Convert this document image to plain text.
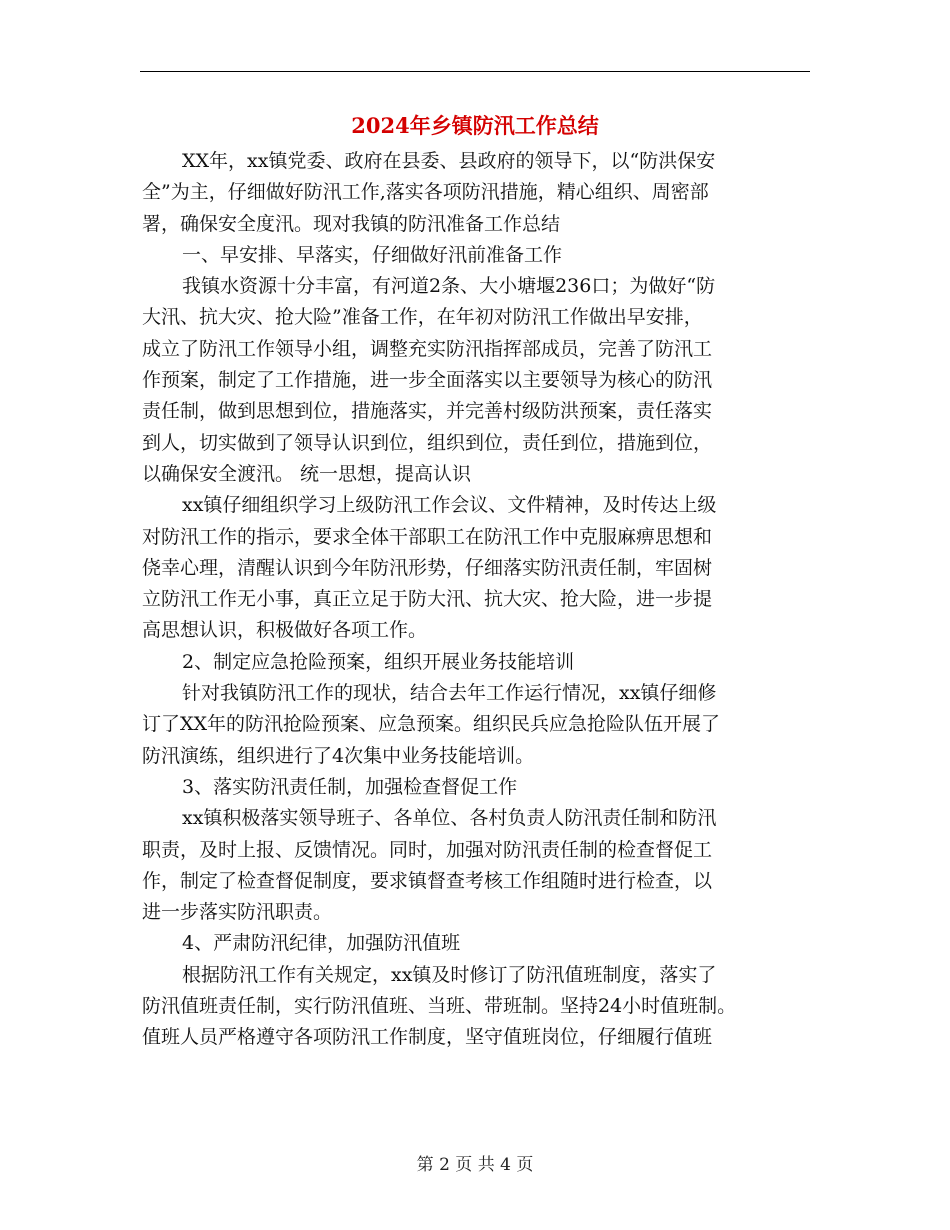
2024年乡镇防汛工作总结
XX年，xx镇党委、政府在县委、县政府的领导下，以“防洪保安
全”为主，仔细做好防汛工作,落实各项防汛措施，精心组织、周密部
署，确保安全度汛。现对我镇的防汛准备工作总结
一、早安排、早落实，仔细做好汛前准备工作
我镇水资源十分丰富，有河道2条、大小塘堰236口；为做好“防
大汛、抗大灾、抢大险”准备工作，在年初对防汛工作做出早安排，
成立了防汛工作领导小组，调整充实防汛指挥部成员，完善了防汛工
作预案，制定了工作措施，进一步全面落实以主要领导为核心的防汛
责任制，做到思想到位，措施落实，并完善村级防洪预案，责任落实
到人，切实做到了领导认识到位，组织到位，责任到位，措施到位，
以确保安全渡汛。 统一思想，提高认识
xx镇仔细组织学习上级防汛工作会议、文件精神，及时传达上级
对防汛工作的指示，要求全体干部职工在防汛工作中克服麻痹思想和
侥幸心理，清醒认识到今年防汛形势，仔细落实防汛责任制，牢固树
立防汛工作无小事，真正立足于防大汛、抗大灾、抢大险，进一步提
高思想认识，积极做好各项工作。
2、制定应急抢险预案，组织开展业务技能培训
针对我镇防汛工作的现状，结合去年工作运行情况，xx镇仔细修
订了XX年的防汛抢险预案、应急预案。组织民兵应急抢险队伍开展了
防汛演练，组织进行了4次集中业务技能培训。
3、落实防汛责任制，加强检查督促工作
xx镇积极落实领导班子、各单位、各村负责人防汛责任制和防汛
职责，及时上报、反馈情况。同时，加强对防汛责任制的检查督促工
作，制定了检查督促制度，要求镇督查考核工作组随时进行检查，以
进一步落实防汛职责。
4、严肃防汛纪律，加强防汛值班
根据防汛工作有关规定，xx镇及时修订了防汛值班制度，落实了
防汛值班责任制，实行防汛值班、当班、带班制。坚持24小时值班制。
值班人员严格遵守各项防汛工作制度，坚守值班岗位，仔细履行值班
第 2 页 共 4 页
